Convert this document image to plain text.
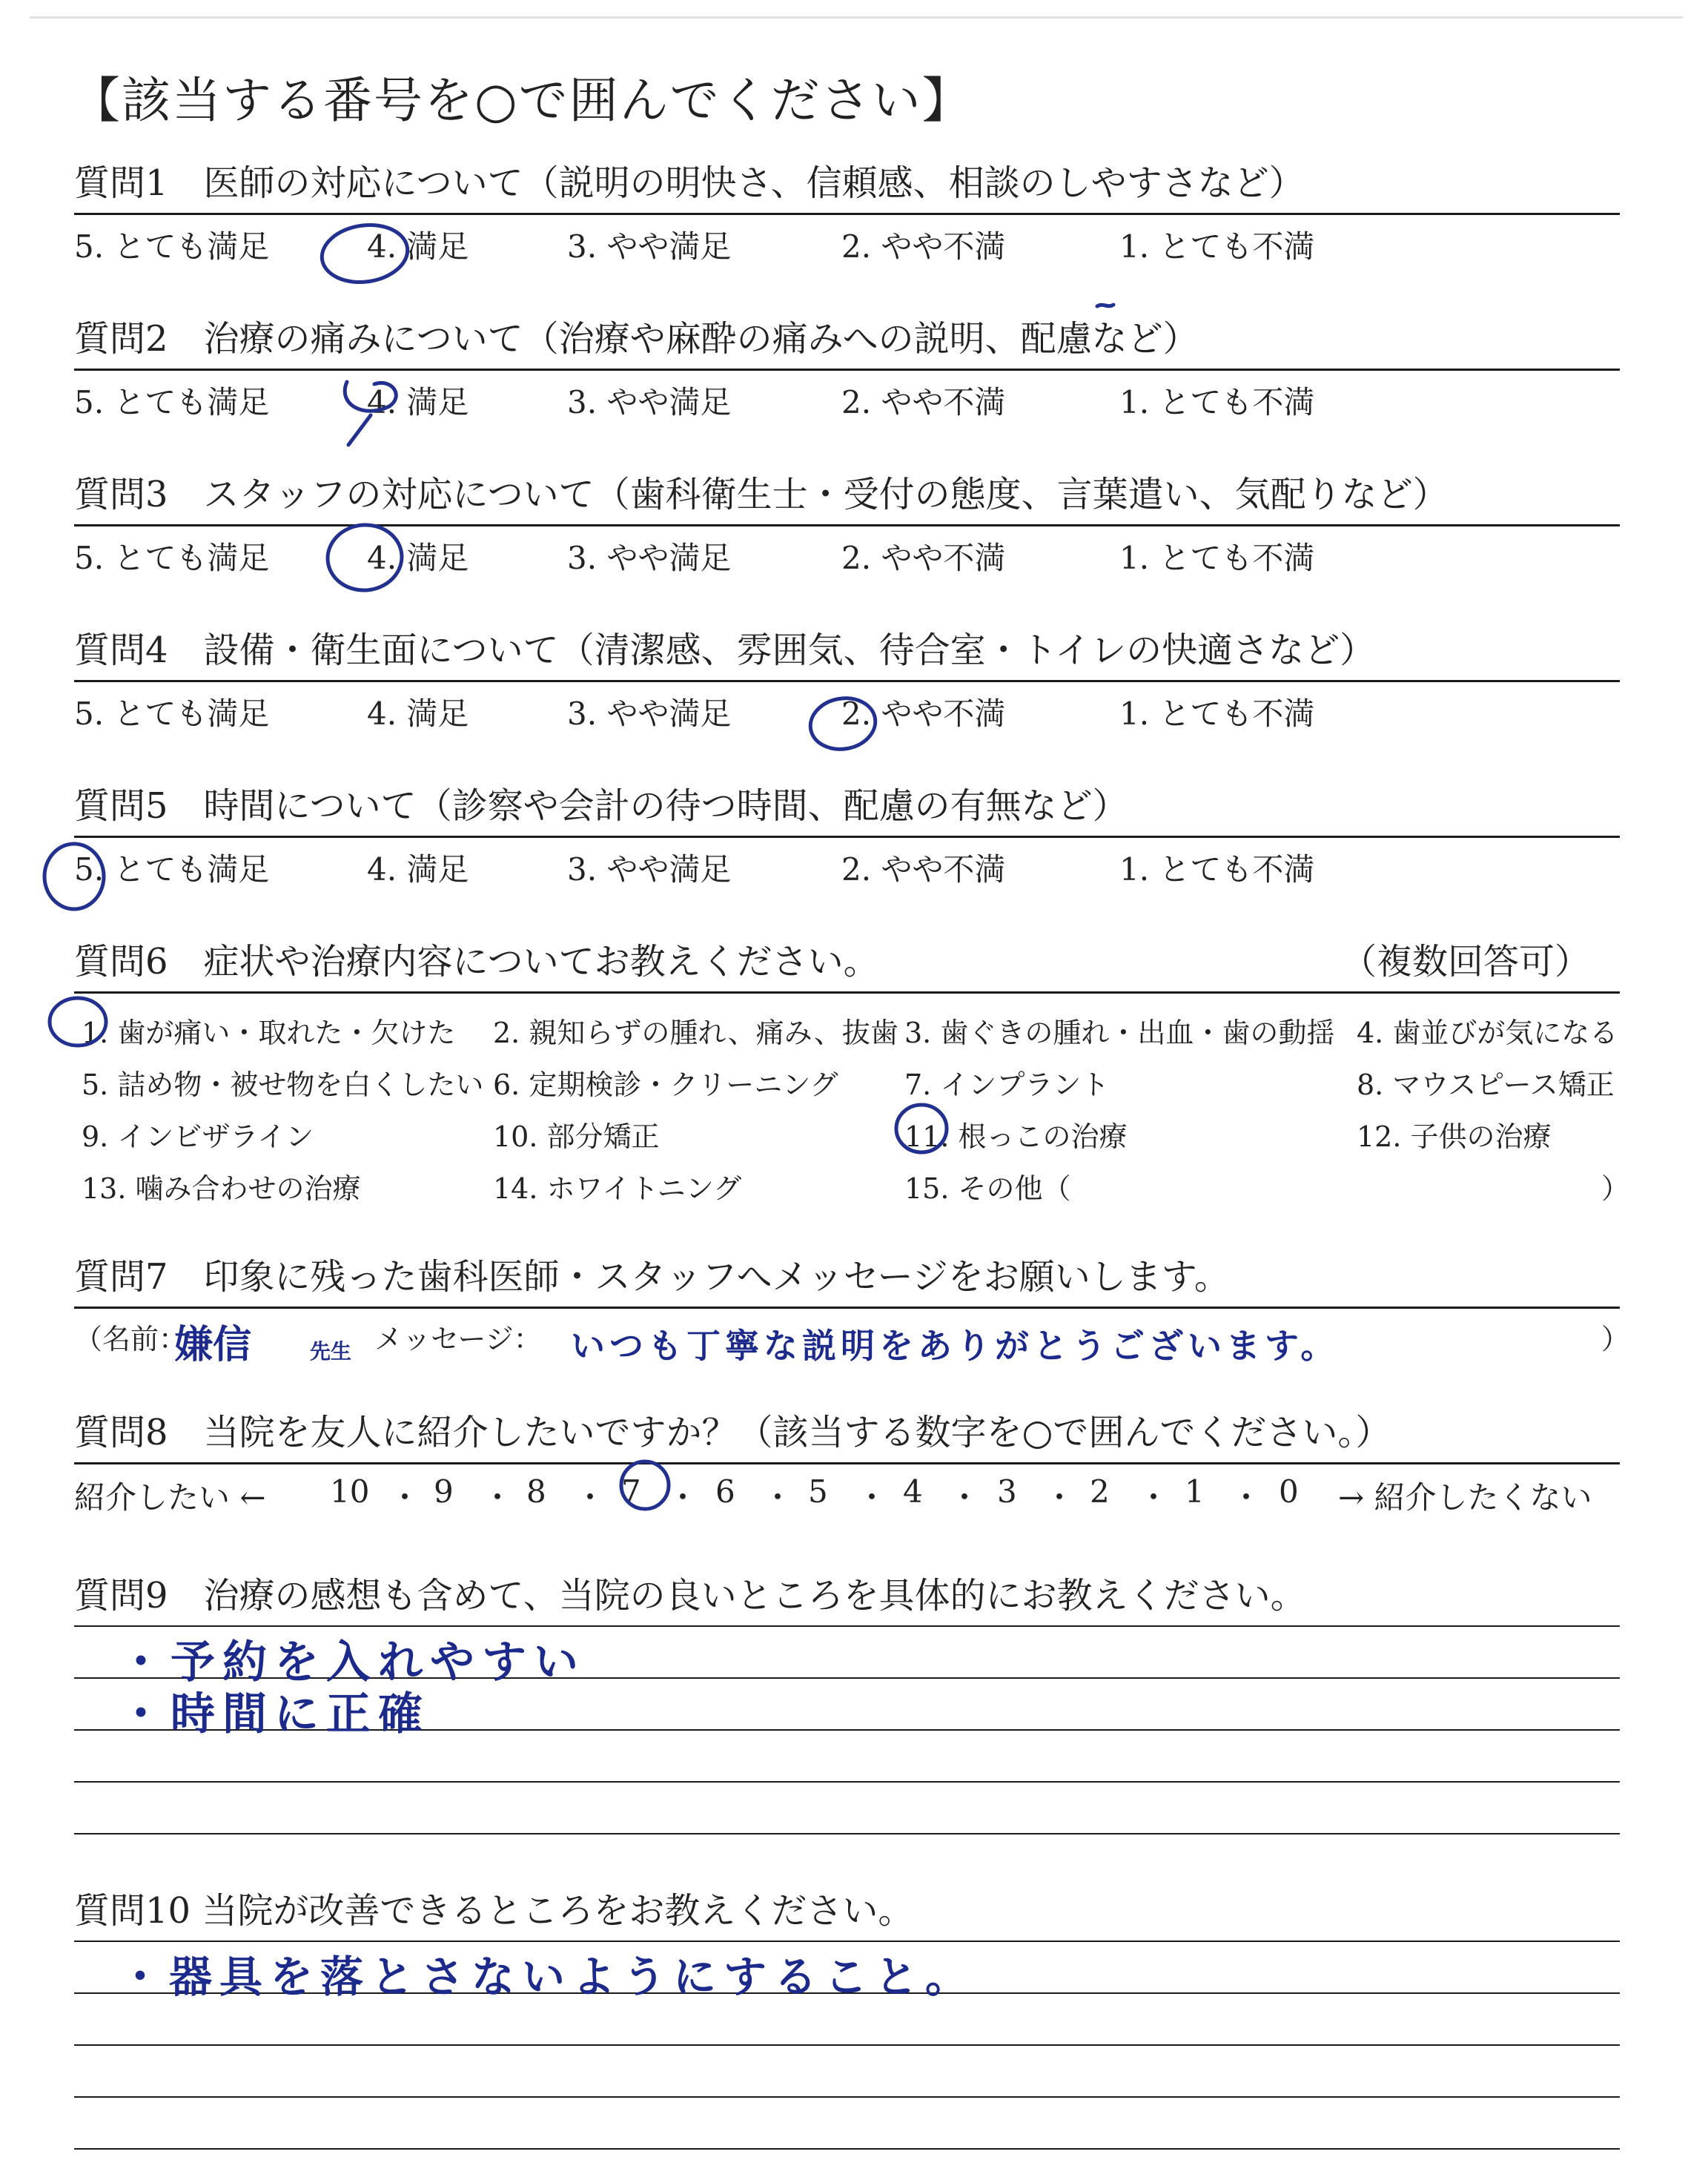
【該当する番号を○で囲んでください】
質問1　医師の対応について（説明の明快さ、信頼感、相談のしやすさなど）
5. とても満足	4. 満足	3. やや満足	2. やや不満	1. とても不満
質問2　治療の痛みについて（治療や麻酔の痛みへの説明、配慮など）
5. とても満足	4. 満足	3. やや満足	2. やや不満	1. とても不満
質問3　スタッフの対応について（歯科衛生士・受付の態度、言葉遣い、気配りなど）
5. とても満足	4. 満足	3. やや満足	2. やや不満	1. とても不満
質問4　設備・衛生面について（清潔感、雰囲気、待合室・トイレの快適さなど）
5. とても満足	4. 満足	3. やや満足	2. やや不満	1. とても不満
質問5　時間について（診察や会計の待つ時間、配慮の有無など）
5. とても満足	4. 満足	3. やや満足	2. やや不満	1. とても不満
質問6　症状や治療内容についてお教えください。	（複数回答可）
1. 歯が痛い・取れた・欠けた 2. 親知らずの腫れ、痛み、抜歯 3. 歯ぐきの腫れ・出血・歯の動揺 4. 歯並びが気になる
5. 詰め物・被せ物を白くしたい 6. 定期検診・クリーニング 7. インプラント	8. マウスピース矯正
9. インビザライン	10. 部分矯正	11. 根っこの治療	12. 子供の治療
13. 噛み合わせの治療	14. ホワイトニング	15. その他（	）
質問7　印象に残った歯科医師・スタッフへメッセージをお願いします。
（名前：
嫌信	先生 メッセージ： いつも丁寧な説明をありがとうございます。	）
質問8　当院を友人に紹介したいですか？（該当する数字を○で囲んでください。）
紹介したい ← 10 ・ 9 ・ 8 ・ 7 ・ 6 ・ 5 ・ 4 ・ 3 ・ 2 ・ 1 ・ 0 → 紹介したくない
質問9　治療の感想も含めて、当院の良いところを具体的にお教えください。
・予約を入れやすい
・時間に正確
質問10 当院が改善できるところをお教えください。
・器具を落とさないようにすること。
